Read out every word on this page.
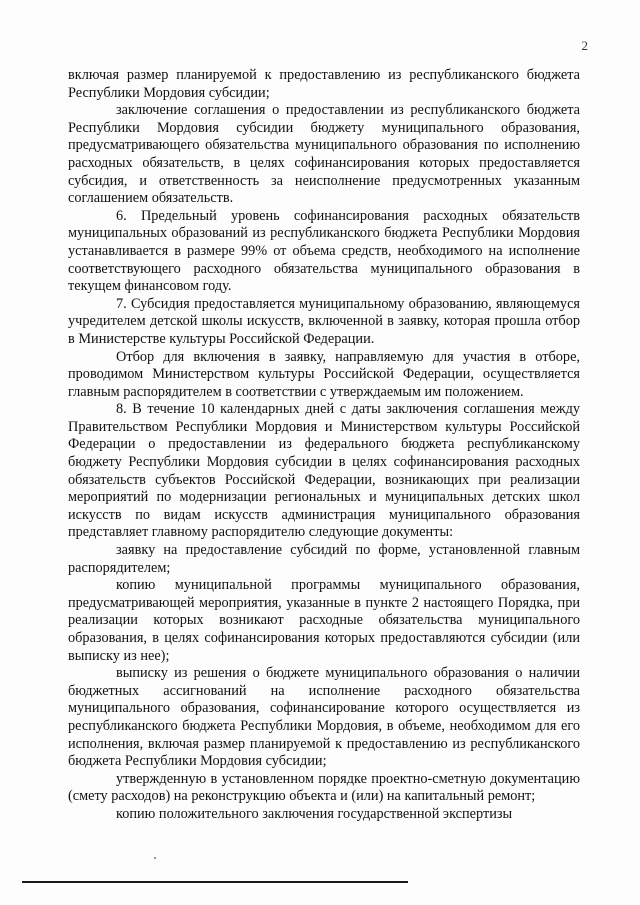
2

включая размер планируемой к предоставлению из республиканского бюджета Республики Мордовия субсидии;

заключение соглашения о предоставлении из республиканского бюджета Республики Мордовия субсидии бюджету муниципального образования, предусматривающего обязательства муниципального образования по исполнению расходных обязательств, в целях софинансирования которых предоставляется субсидия, и ответственность за неисполнение предусмотренных указанным соглашением обязательств.

6. Предельный уровень софинансирования расходных обязательств муниципальных образований из республиканского бюджета Республики Мордовия устанавливается в размере 99% от объема средств, необходимого на исполнение соответствующего расходного обязательства муниципального образования в текущем финансовом году.

7. Субсидия предоставляется муниципальному образованию, являющемуся учредителем детской школы искусств, включенной в заявку, которая прошла отбор в Министерстве культуры Российской Федерации.

Отбор для включения в заявку, направляемую для участия в отборе, проводимом Министерством культуры Российской Федерации, осуществляется главным распорядителем в соответствии с утверждаемым им положением.

8. В течение 10 календарных дней с даты заключения соглашения между Правительством Республики Мордовия и Министерством культуры Российской Федерации о предоставлении из федерального бюджета республиканскому бюджету Республики Мордовия субсидии в целях софинансирования расходных обязательств субъектов Российской Федерации, возникающих при реализации мероприятий по модернизации региональных и муниципальных детских школ искусств по видам искусств администрация муниципального образования представляет главному распорядителю следующие документы:

заявку на предоставление субсидий по форме, установленной главным распорядителем;

копию муниципальной программы муниципального образования, предусматривающей мероприятия, указанные в пункте 2 настоящего Порядка, при реализации которых возникают расходные обязательства муниципального образования, в целях софинансирования которых предоставляются субсидии (или выписку из нее);

выписку из решения о бюджете муниципального образования о наличии бюджетных ассигнований на исполнение расходного обязательства муниципального образования, софинансирование которого осуществляется из республиканского бюджета Республики Мордовия, в объеме, необходимом для его исполнения, включая размер планируемой к предоставлению из республиканского бюджета Республики Мордовия субсидии;

утвержденную в установленном порядке проектно-сметную документацию (смету расходов) на реконструкцию объекта и (или) на капитальный ремонт;

копию положительного заключения государственной экспертизы
